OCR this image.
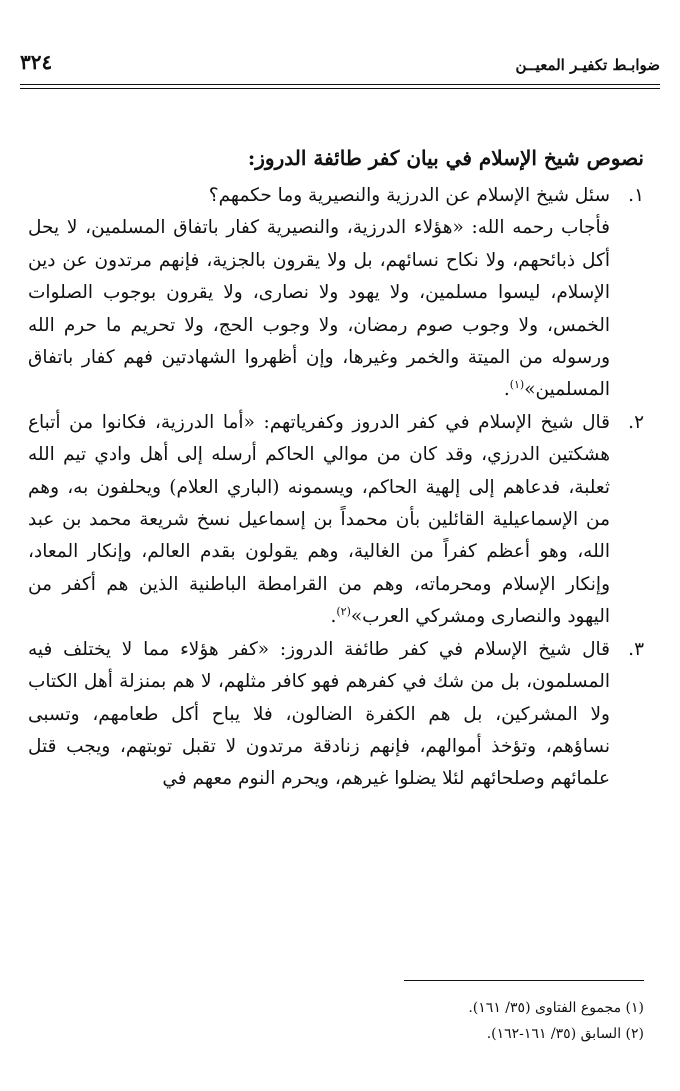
ضوابـط تكفيـر المعيــن
٣٢٤
نصوص شيخ الإسلام في بيان كفر طائفة الدروز:
١.

سئل شيخ الإسلام عن الدرزية والنصيرية وما حكمهم؟

فأجاب رحمه الله: «هؤلاء الدرزية، والنصيرية كفار باتفاق المسلمين، لا يحل أكل ذبائحهم، ولا نكاح نسائهم، بل ولا يقرون بالجزية، فإنهم مرتدون عن دين الإسلام، ليسوا مسلمين، ولا يهود ولا نصارى، ولا يقرون بوجوب الصلوات الخمس، ولا وجوب صوم رمضان، ولا وجوب الحج، ولا تحريم ما حرم الله ورسوله من الميتة والخمر وغيرها، وإن أظهروا الشهادتين فهم كفار باتفاق المسلمين»$^{(١)}$.

٢.

قال شيخ الإسلام في كفر الدروز وكفرياتهم: «أما الدرزية، فكانوا من أتباع هشكتين الدرزي، وقد كان من موالي الحاكم أرسله إلى أهل وادي تيم الله ثعلبة، فدعاهم إلى إلهية الحاكم، ويسمونه (الباري العلام) ويحلفون به، وهم من الإسماعيلية القائلين بأن محمداً بن إسماعيل نسخ شريعة محمد بن عبد الله، وهو أعظم كفراً من الغالية، وهم يقولون بقدم العالم، وإنكار المعاد، وإنكار الإسلام ومحرماته، وهم من القرامطة الباطنية الذين هم أكفر من اليهود والنصارى ومشركي العرب»$^{(٢)}$.

٣.

قال شيخ الإسلام في كفر طائفة الدروز: «كفر هؤلاء مما لا يختلف فيه المسلمون، بل من شك في كفرهم فهو كافر مثلهم، لا هم بمنزلة أهل الكتاب ولا المشركين، بل هم الكفرة الضالون، فلا يباح أكل طعامهم، وتسبى نساؤهم، وتؤخذ أموالهم، فإنهم زنادقة مرتدون لا تقبل توبتهم، ويجب قتل علمائهم وصلحائهم لئلا يضلوا غيرهم، ويحرم النوم معهم في

(١) مجموع الفتاوى (٣٥/ ١٦١).
(٢) السابق (٣٥/ ١٦١-١٦٢).
